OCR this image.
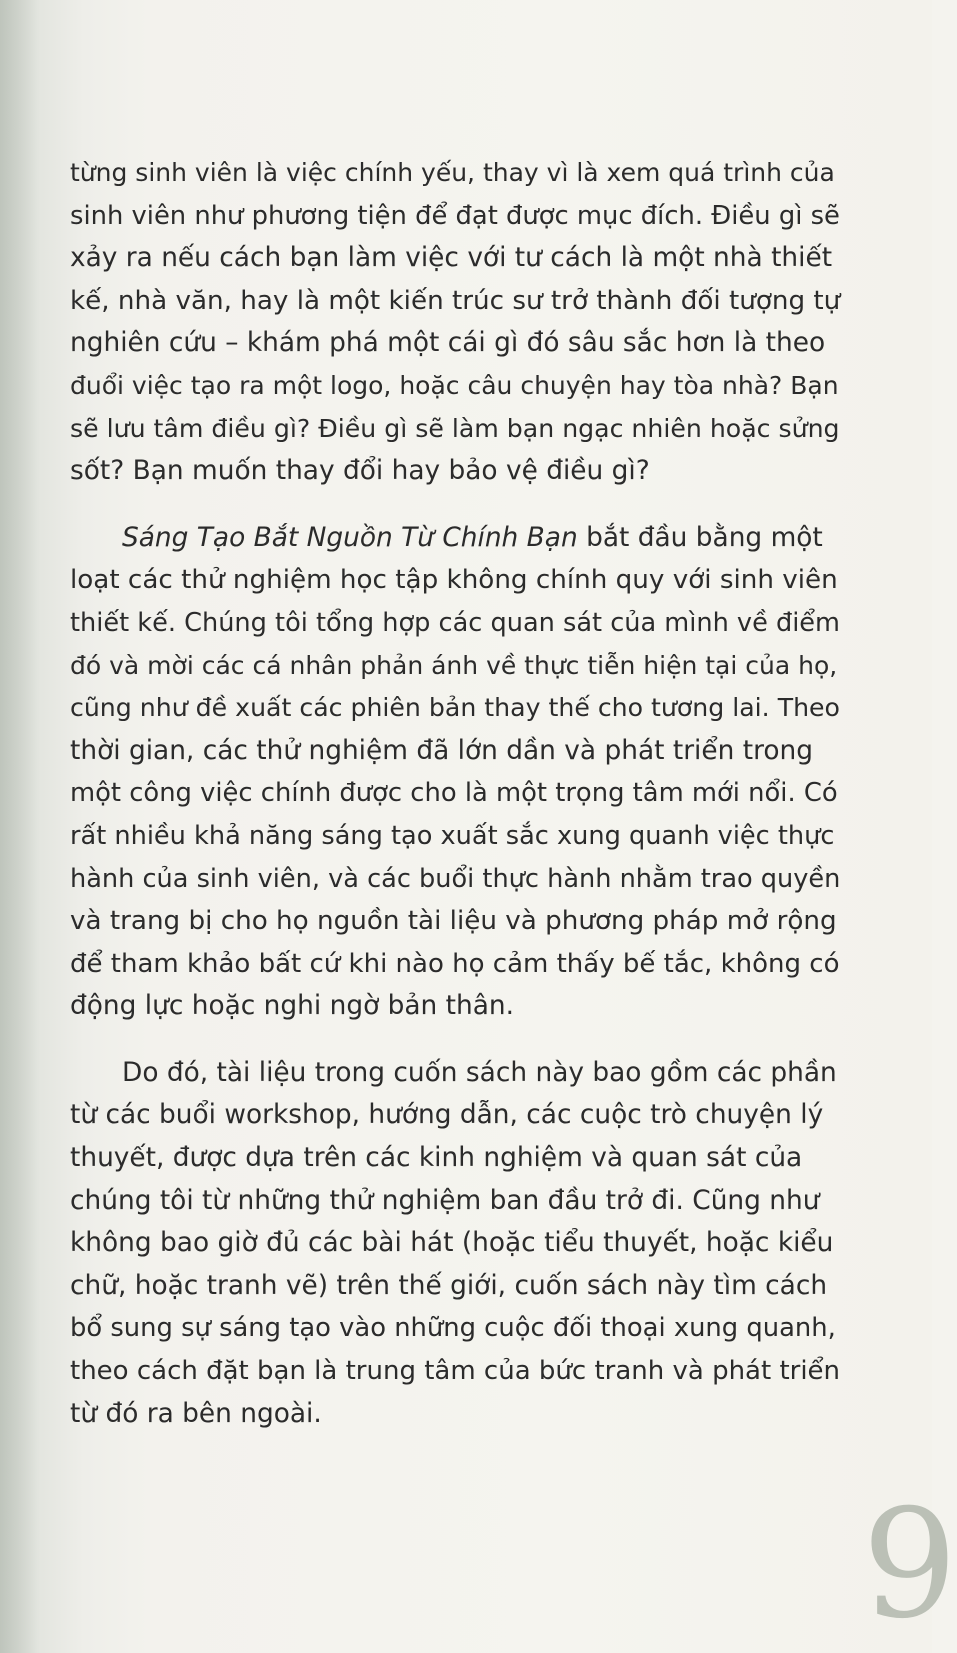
từng sinh viên là việc chính yếu, thay vì là xem quá trình của
sinh viên như phương tiện để đạt được mục đích. Điều gì sẽ
xảy ra nếu cách bạn làm việc với tư cách là một nhà thiết
kế, nhà văn, hay là một kiến trúc sư trở thành đối tượng tự
nghiên cứu – khám phá một cái gì đó sâu sắc hơn là theo
đuổi việc tạo ra một logo, hoặc câu chuyện hay tòa nhà? Bạn
sẽ lưu tâm điều gì? Điều gì sẽ làm bạn ngạc nhiên hoặc sửng
sốt? Bạn muốn thay đổi hay bảo vệ điều gì?

Sáng Tạo Bắt Nguồn Từ Chính Bạn bắt đầu bằng một
loạt các thử nghiệm học tập không chính quy với sinh viên
thiết kế. Chúng tôi tổng hợp các quan sát của mình về điểm
đó và mời các cá nhân phản ánh về thực tiễn hiện tại của họ,
cũng như đề xuất các phiên bản thay thế cho tương lai. Theo
thời gian, các thử nghiệm đã lớn dần và phát triển trong
một công việc chính được cho là một trọng tâm mới nổi. Có
rất nhiều khả năng sáng tạo xuất sắc xung quanh việc thực
hành của sinh viên, và các buổi thực hành nhằm trao quyền
và trang bị cho họ nguồn tài liệu và phương pháp mở rộng
để tham khảo bất cứ khi nào họ cảm thấy bế tắc, không có
động lực hoặc nghi ngờ bản thân.

Do đó, tài liệu trong cuốn sách này bao gồm các phần
từ các buổi workshop, hướng dẫn, các cuộc trò chuyện lý
thuyết, được dựa trên các kinh nghiệm và quan sát của
chúng tôi từ những thử nghiệm ban đầu trở đi. Cũng như
không bao giờ đủ các bài hát (hoặc tiểu thuyết, hoặc kiểu
chữ, hoặc tranh vẽ) trên thế giới, cuốn sách này tìm cách
bổ sung sự sáng tạo vào những cuộc đối thoại xung quanh,
theo cách đặt bạn là trung tâm của bức tranh và phát triển
từ đó ra bên ngoài.

9
